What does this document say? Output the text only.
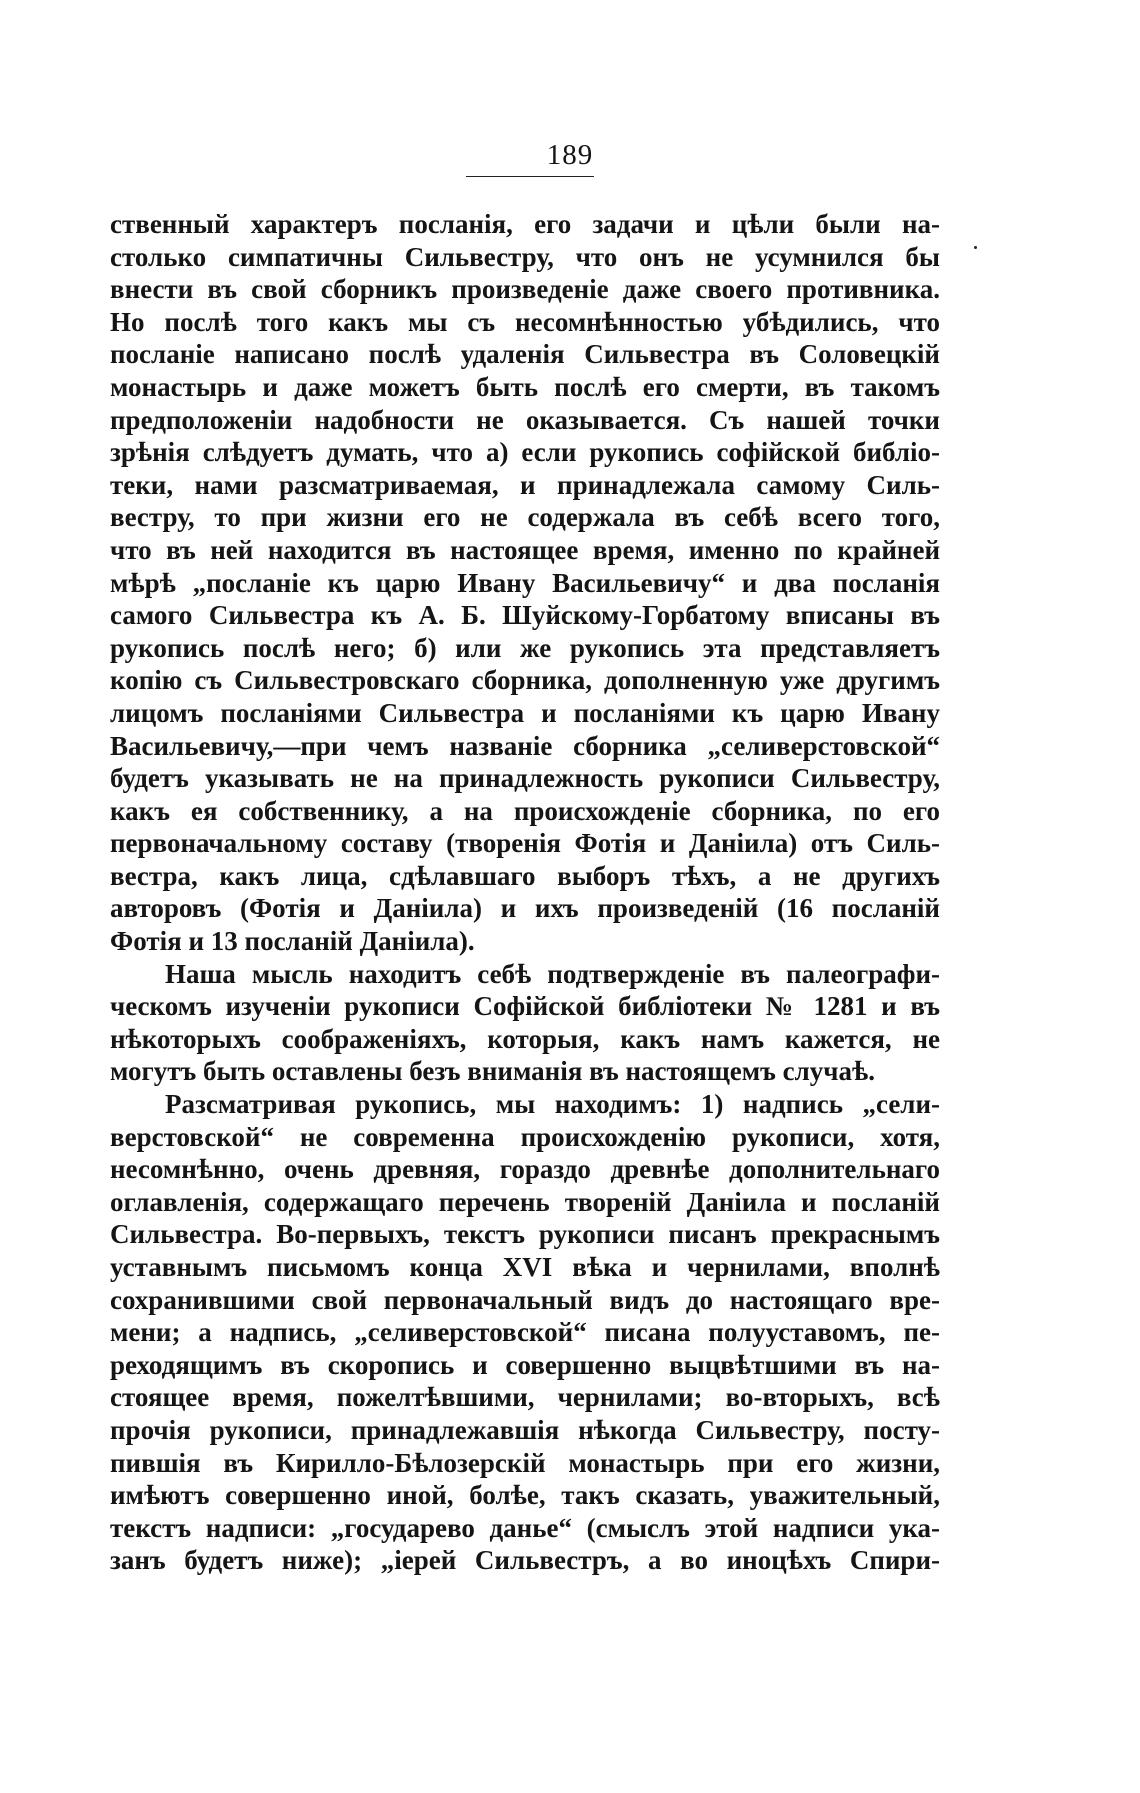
189
ственный характеръ посланія, его задачи и цѣли были на-
столько симпатичны Сильвестру, что онъ не усумнился бы
внести въ свой сборникъ произведеніе даже своего противника.
Но послѣ того какъ мы съ несомнѣнностью убѣдились, что
посланіе написано послѣ удаленія Сильвестра въ Соловецкій
монастырь и даже можетъ быть послѣ его смерти, въ такомъ
предположеніи надобности не оказывается. Съ нашей точки
зрѣнія слѣдуетъ думать, что а) если рукопись софійской библіо-
теки, нами разсматриваемая, и принадлежала самому Силь-
вестру, то при жизни его не содержала въ себѣ всего того,
что въ ней находится въ настоящее время, именно по крайней
мѣрѣ „посланіе къ царю Ивану Васильевичу“ и два посланія
самого Сильвестра къ А. Б. Шуйскому-Горбатому вписаны въ
рукопись послѣ него; б) или же рукопись эта представляетъ
копію съ Сильвестровскаго сборника, дополненную уже другимъ
лицомъ посланіями Сильвестра и посланіями къ царю Ивану
Васильевичу,—при чемъ названіе сборника „селиверстовской“
будетъ указывать не на принадлежность рукописи Сильвестру,
какъ ея собственнику, а на происхожденіе сборника, по его
первоначальному составу (творенія Фотія и Даніила) отъ Силь-
вестра, какъ лица, сдѣлавшаго выборъ тѣхъ, а не другихъ
авторовъ (Фотія и Даніила) и ихъ произведеній (16 посланій
Фотія и 13 посланій Даніила).
Наша мысль находитъ себѣ подтвержденіе въ палеографи-
ческомъ изученіи рукописи Софійской библіотеки № 1281 и въ
нѣкоторыхъ соображеніяхъ, которыя, какъ намъ кажется, не
могутъ быть оставлены безъ вниманія въ настоящемъ случаѣ.
Разсматривая рукопись, мы находимъ: 1) надпись „сели-
верстовской“ не современна происхожденію рукописи, хотя,
несомнѣнно, очень древняя, гораздо древнѣе дополнительнаго
оглавленія, содержащаго перечень твореній Даніила и посланій
Сильвестра. Во-первыхъ, текстъ рукописи писанъ прекраснымъ
уставнымъ письмомъ конца XVI вѣка и чернилами, вполнѣ
сохранившими свой первоначальный видъ до настоящаго вре-
мени; а надпись, „селиверстовской“ писана полууставомъ, пе-
реходящимъ въ скоропись и совершенно выцвѣтшими въ на-
стоящее время, пожелтѣвшими, чернилами; во-вторыхъ, всѣ
прочія рукописи, принадлежавшія нѣкогда Сильвестру, посту-
пившія въ Кирилло-Бѣлозерскій монастырь при его жизни,
имѣютъ совершенно иной, болѣе, такъ сказать, уважительный,
текстъ надписи: „государево данье“ (смыслъ этой надписи ука-
занъ будетъ ниже); „іерей Сильвестръ, а во иноцѣхъ Спири-
